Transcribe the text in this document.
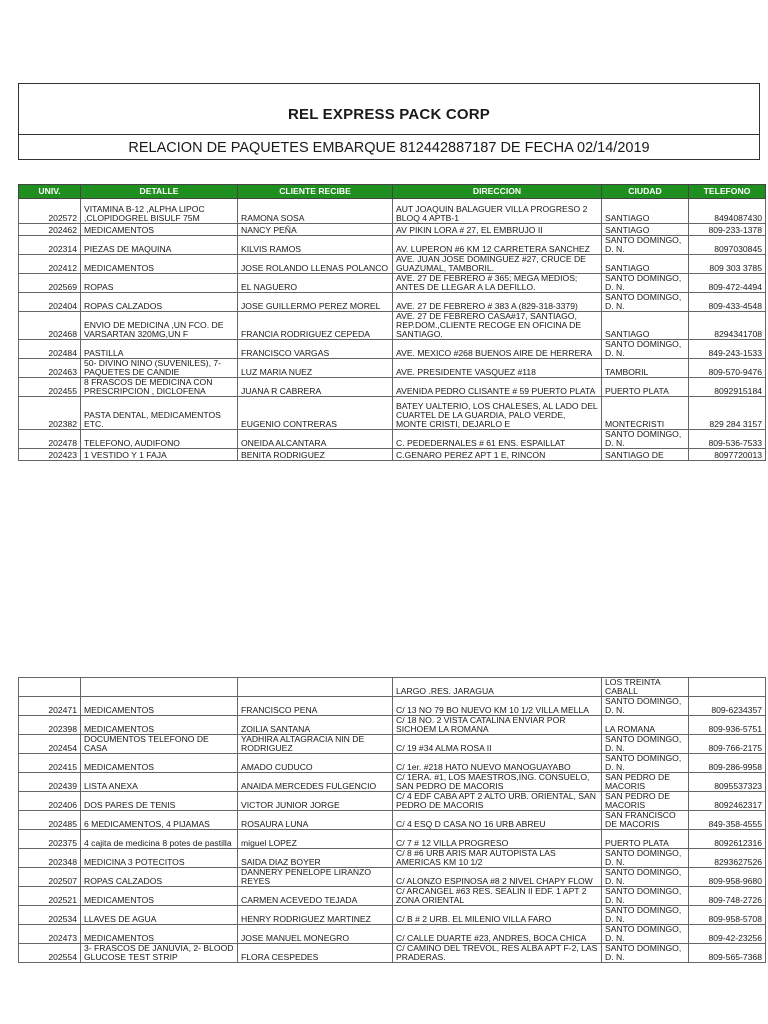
REL EXPRESS PACK CORP
RELACION DE PAQUETES EMBARQUE 812442887187 DE FECHA 02/14/2019
UNIV.	DETALLE	CLIENTE RECIBE	DIRECCION	CIUDAD	TELEFONO
202572	VITAMINA B-12 ,ALPHA LIPOC ,CLOPIDOGREL BISULF 75M	RAMONA SOSA	AUT JOAQUIN BALAGUER VILLA PROGRESO 2 BLOQ 4 APTB-1	SANTIAGO	8494087430
202462	MEDICAMENTOS	NANCY PEÑA	AV PIKIN LORA # 27, EL EMBRUJO II	SANTIAGO	809-233-1378
202314	PIEZAS DE MAQUINA	KILVIS RAMOS	AV. LUPERON #6 KM 12 CARRETERA SANCHEZ	SANTO DOMINGO, D. N.	8097030845
202412	MEDICAMENTOS	JOSE ROLANDO LLENAS POLANCO	AVE. JUAN JOSE DOMINGUEZ #27, CRUCE DE GUAZUMAL, TAMBORIL.	SANTIAGO	809 303 3785
202569	ROPAS	EL NAGUERO	AVE. 27 DE FEBRERO # 365; MEGA MEDIOS; ANTES DE LLEGAR A LA DEFILLO.	SANTO DOMINGO, D. N.	809-472-4494
202404	ROPAS CALZADOS	JOSE GUILLERMO PEREZ MOREL	AVE. 27 DE FEBRERO # 383 A (829-318-3379)	SANTO DOMINGO, D. N.	809-433-4548
202468	ENVIO DE MEDICINA ,UN FCO. DE VARSARTAN 320MG,UN F	FRANCIA RODRIGUEZ CEPEDA	AVE. 27 DE FEBRERO CASA#17, SANTIAGO, REP.DOM.,CLIENTE RECOGE EN OFICINA DE SANTIAGO.	SANTIAGO	8294341708
202484	PASTILLA	FRANCISCO VARGAS	AVE. MEXICO #268 BUENOS AIRE DE HERRERA	SANTO DOMINGO, D. N.	849-243-1533
202463	50- DIVINO NINO (SUVENILES), 7- PAQUETES DE CANDIE	LUZ MARIA NUEZ	AVE. PRESIDENTE VASQUEZ #118	TAMBORIL	809-570-9476
202455	8 FRASCOS DE MEDICINA CON PRESCRIPCION , DICLOFENA	JUANA R CABRERA	AVENIDA PEDRO CLISANTE # 59 PUERTO PLATA	PUERTO PLATA	8092915184
202382	PASTA DENTAL, MEDICAMENTOS ETC.	EUGENIO CONTRERAS	BATEY UALTERIO, LOS CHALESES, AL LADO DEL CUARTEL DE LA GUARDIA, PALO VERDE, MONTE CRISTI, DEJARLO E	MONTECRISTI	829 284 3157
202478	TELEFONO, AUDIFONO	ONEIDA ALCANTARA	C. PEDEDERNALES # 61 ENS. ESPAILLAT	SANTO DOMINGO, D. N.	809-536-7533
202423	1 VESTIDO Y 1 FAJA	BENITA RODRIGUEZ	C.GENARO PEREZ APT 1 E, RINCON	SANTIAGO DE	8097720013
			LARGO .RES. JARAGUA	LOS TREINTA CABALL	
202471	MEDICAMENTOS	FRANCISCO PENA	C/ 13 NO 79 BO NUEVO KM 10 1/2 VILLA MELLA	SANTO DOMINGO, D. N.	809-6234357
202398	MEDICAMENTOS	ZOILIA SANTANA	C/ 18 NO. 2 VISTA CATALINA ENVIAR POR SICHOEM LA ROMANA	LA ROMANA	809-936-5751
202454	DOCUMENTOS TELEFONO DE CASA	YADHIRA ALTAGRACIA NIN DE RODRIGUEZ	C/ 19 #34 ALMA ROSA II	SANTO DOMINGO, D. N.	809-766-2175
202415	MEDICAMENTOS	AMADO CUDUCO	C/ 1er. #218 HATO NUEVO MANOGUAYABO	SANTO DOMINGO, D. N.	809-286-9958
202439	LISTA ANEXA	ANAIDA MERCEDES FULGENCIO	C/ 1ERA. #1, LOS MAESTROS,ING. CONSUELO, SAN PEDRO DE MACORIS	SAN PEDRO DE MACORIS	8095537323
202406	DOS PARES DE TENIS	VICTOR JUNIOR JORGE	C/ 4 EDF CABA APT 2 ALTO URB. ORIENTAL, SAN PEDRO DE MACORIS	SAN PEDRO DE MACORIS	8092462317
202485	6 MEDICAMENTOS, 4 PIJAMAS	ROSAURA LUNA	C/ 4 ESQ D CASA NO 16 URB ABREU	SAN FRANCISCO DE MACORIS	849-358-4555
202375	4 cajita de medicina 8 potes de pastilla	miguel LOPEZ	C/ 7 # 12 VILLA PROGRESO	PUERTO PLATA	8092612316
202348	MEDICINA 3 POTECITOS	SAIDA DIAZ BOYER	C/ 8 #6 URB ARIS MAR AUTOPISTA LAS AMERICAS KM 10 1/2	SANTO DOMINGO, D. N.	8293627526
202507	ROPAS CALZADOS	DANNERY PENELOPE LIRANZO REYES	C/ ALONZO ESPINOSA #8 2 NIVEL CHAPY FLOW	SANTO DOMINGO, D. N.	809-958-9680
202521	MEDICAMENTOS	CARMEN ACEVEDO TEJADA	C/ ARCANGEL #63 RES. SEALIN II EDF. 1 APT 2 ZONA ORIENTAL	SANTO DOMINGO, D. N.	809-748-2726
202534	LLAVES DE AGUA	HENRY RODRIGUEZ MARTINEZ	C/ B # 2 URB. EL MILENIO VILLA FARO	SANTO DOMINGO, D. N.	809-958-5708
202473	MEDICAMENTOS	JOSE MANUEL MONEGRO	C/ CALLE DUARTE #23, ANDRES, BOCA CHICA	SANTO DOMINGO, D. N.	809-42-23256
202554	3- FRASCOS DE JANUVIA, 2- BLOOD GLUCOSE TEST STRIP	FLORA CESPEDES	C/ CAMINO DEL TREVOL, RES ALBA APT F-2, LAS PRADERAS.	SANTO DOMINGO, D. N.	809-565-7368
